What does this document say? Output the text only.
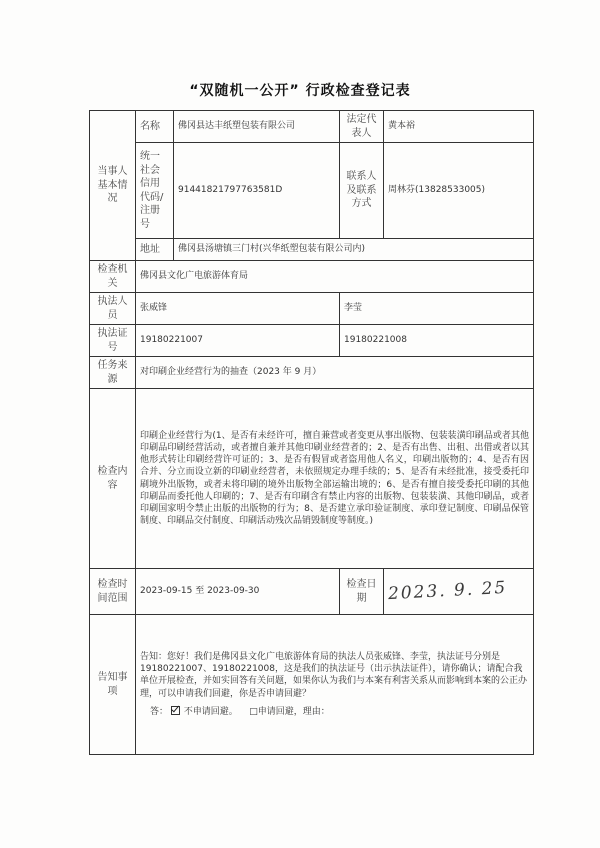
“双随机一公开” 行政检查登记表
当事人基本情况	名称	佛冈县达丰纸塑包装有限公司	法定代表人	黄本裕
	统一社会信用代码/注册号	91441821797763581D	联系人及联系方式	周林芬(13828533005)
	地址	佛冈县汤塘镇三门村(兴华纸塑包装有限公司内)		
检查机关	佛冈县文化广电旅游体育局			
执法人员	张威锋		李莹	
执法证号	19180221007		19180221008	
任务来源	对印刷企业经营行为的抽查（2023 年 9 月）			
检查内容	印刷企业经营行为(1、是否有未经许可，擅自兼营或者变更从事出版物、包装装潢印刷品或者其他印刷品印刷经营活动，或者擅自兼并其他印刷业经营者的；2、是否有出售、出租、出借或者以其他形式转让印刷经营许可证的；3、是否有假冒或者盗用他人名义，印刷出版物的；4、是否有因合并、分立而设立新的印刷业经营者，未依照规定办理手续的；5、是否有未经批准，接受委托印刷境外出版物，或者未将印刷的境外出版物全部运输出境的；6、是否有擅自接受委托印刷的其他印刷品而委托他人印刷的；7、是否有印刷含有禁止内容的出版物、包装装潢、其他印刷品，或者印刷国家明令禁止出版的出版物的行为；8、是否建立承印验证制度、承印登记制度、印刷品保管制度、印刷品交付制度、印刷活动残次品销毁制度等制度。)			
检查时间范围	2023-09-15 至 2023-09-30		检查日期	2023. 9. 25
告知事项	告知：您好！我们是佛冈县文化广电旅游体育局的执法人员张威锋、李莹，执法证号分别是 19180221007、19180221008，这是我们的执法证号（出示执法证件），请你确认；请配合我单位开展检查，并如实回答有关问题，如果你认为我们与本案有利害关系从而影响到本案的公正办理，可以申请我们回避，你是否申请回避？
答： 不申请回避。 □申请回避，理由：			
